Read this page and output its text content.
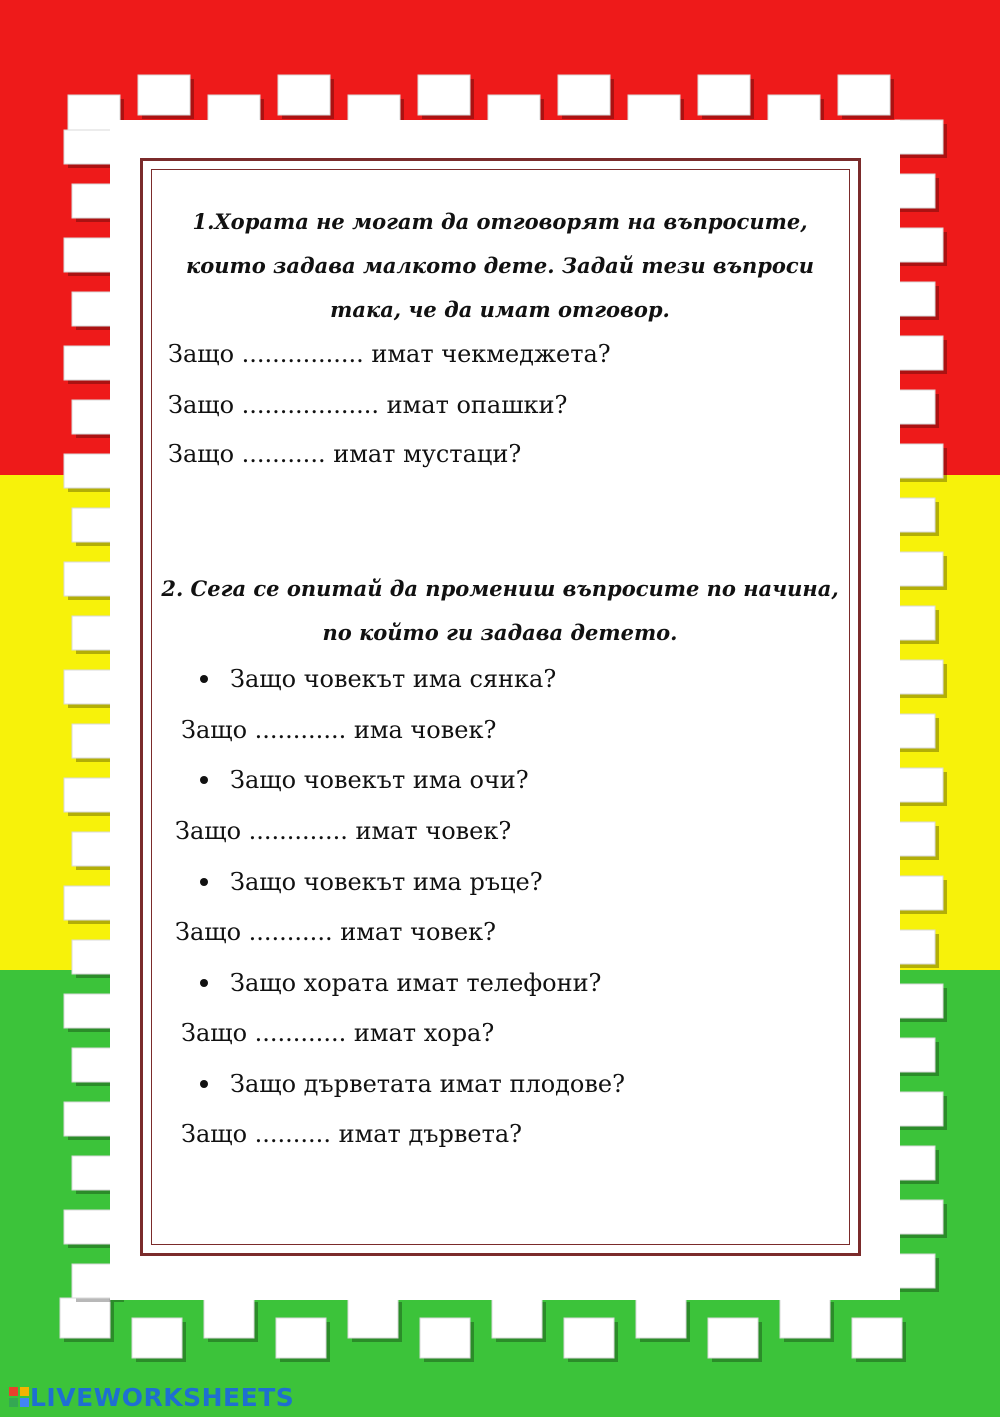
1.Хората не могат да отговорят на въпросите,
които задава малкото дете. Задай тези въпроси
така, че да имат отговор.
Защо ................ имат чекмеджета?
Защо .................. имат опашки?
Защо ........... имат мустаци?
2. Сега се опитай да промениш въпросите по начина,
по който ги задава детето.
Защо човекът има сянка?
Защо ............ има човек?
Защо човекът има очи?
Защо ............. имат човек?
Защо човекът има ръце?
Защо ........... имат човек?
Защо хората имат телефони?
Защо ............ имат хора?
Защо дърветата имат плодове?
Защо .......... имат дървета?
LIVEWORKSHEETS
